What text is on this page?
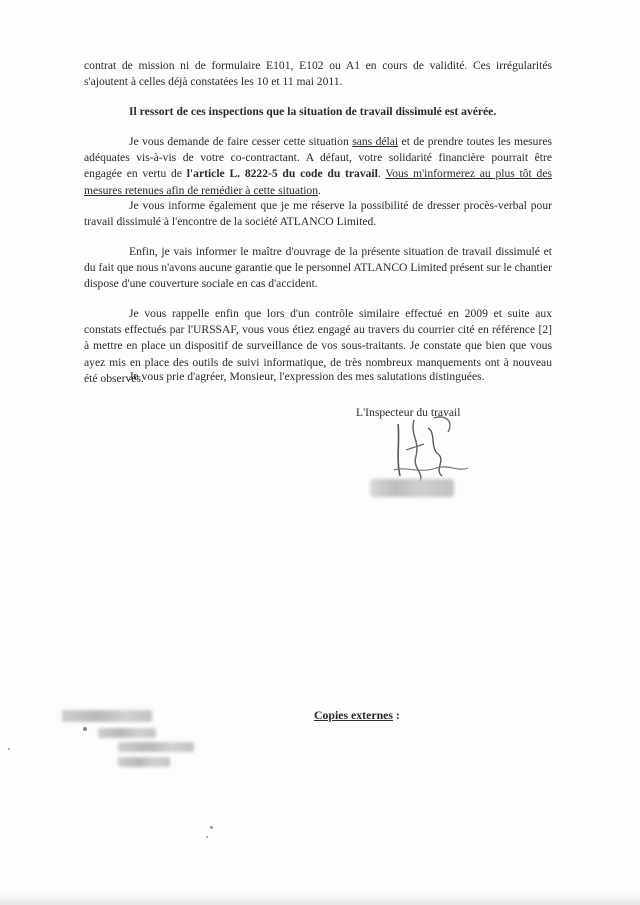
contrat de mission ni de formulaire E101, E102 ou A1 en cours de validité. Ces irrégularités s'ajoutent à celles déjà constatées les 10 et 11 mai 2011.

Il ressort de ces inspections que la situation de travail dissimulé est avérée.

Je vous demande de faire cesser cette situation sans délai et de prendre toutes les mesures adéquates vis-à-vis de votre co-contractant. A défaut, votre solidarité financière pourrait être engagée en vertu de l'article L. 8222-5 du code du travail. Vous m'informerez au plus tôt des mesures retenues afin de remédier à cette situation.

Je vous informe également que je me réserve la possibilité de dresser procès-verbal pour travail dissimulé à l'encontre de la société ATLANCO Limited.

Enfin, je vais informer le maître d'ouvrage de la présente situation de travail dissimulé et du fait que nous n'avons aucune garantie que le personnel ATLANCO Limited présent sur le chantier dispose d'une couverture sociale en cas d'accident.

Je vous rappelle enfin que lors d'un contrôle similaire effectué en 2009 et suite aux constats effectués par l'URSSAF, vous vous étiez engagé au travers du courrier cité en référence [2] à mettre en place un dispositif de surveillance de vos sous-traitants. Je constate que bien que vous ayez mis en place des outils de suivi informatique, de très nombreux manquements ont à nouveau été observés.

Je vous prie d'agréer, Monsieur, l'expression des mes salutations distinguées.

L'Inspecteur du travail

Copies externes :
